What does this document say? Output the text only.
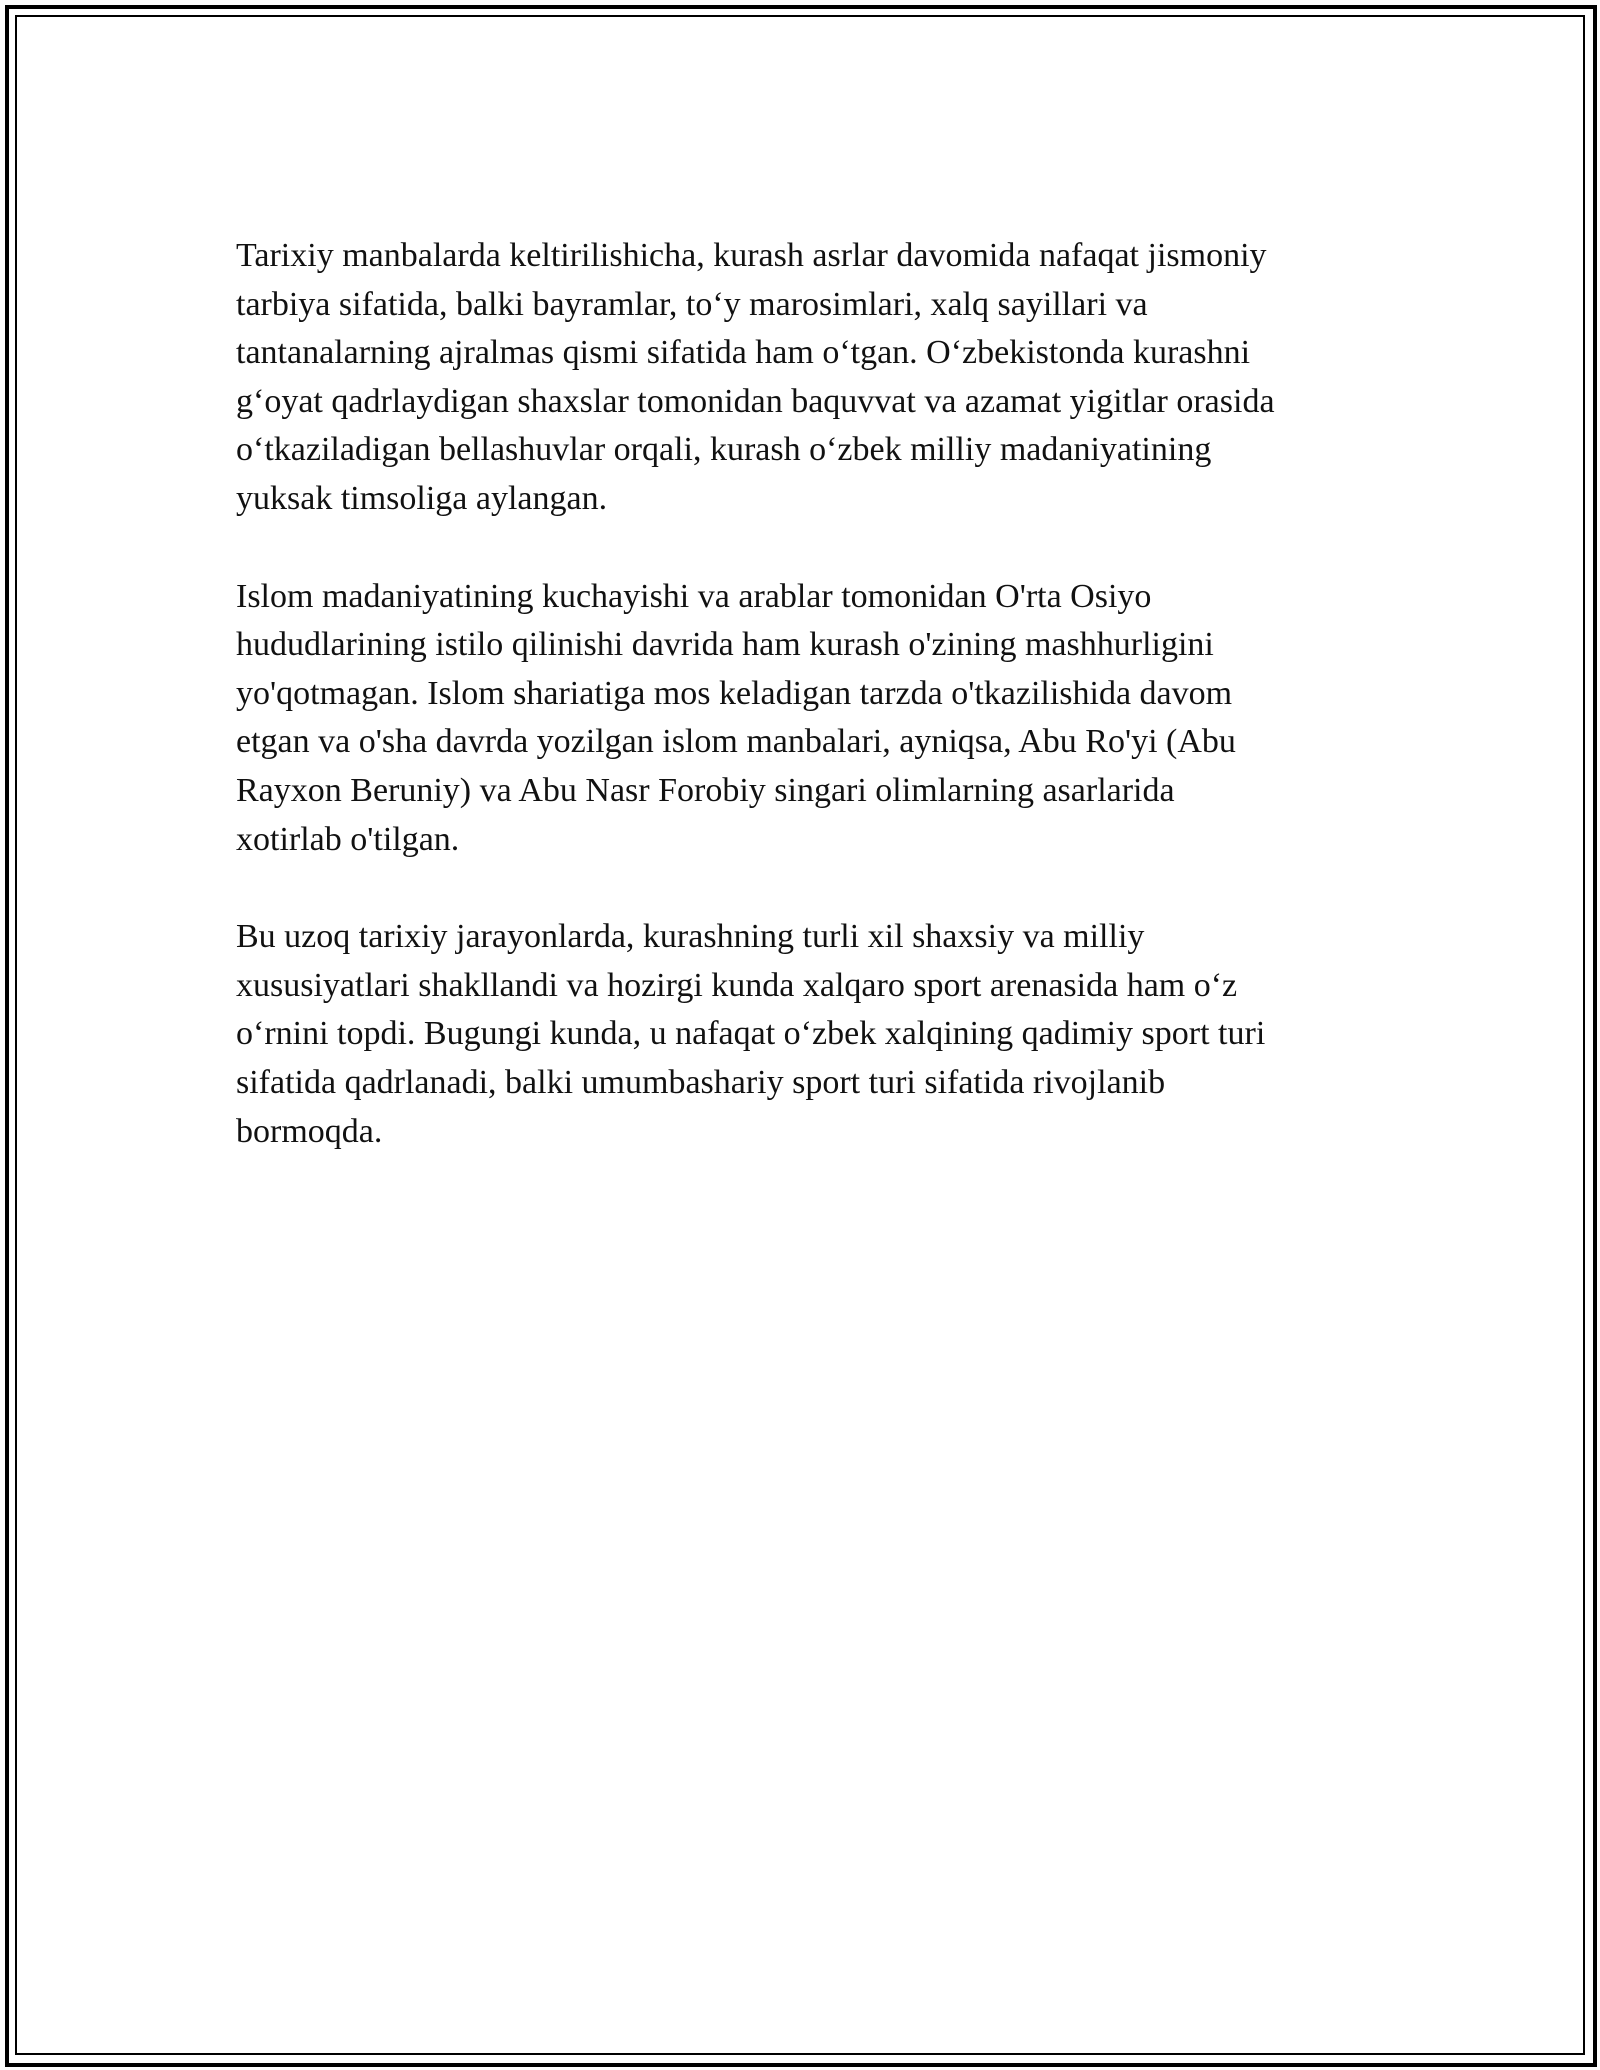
Tarixiy manbalarda keltirilishicha, kurash asrlar davomida nafaqat jismoniy
tarbiya sifatida, balki bayramlar, to‘y marosimlari, xalq sayillari va
tantanalarning ajralmas qismi sifatida ham o‘tgan. O‘zbekistonda kurashni
g‘oyat qadrlaydigan shaxslar tomonidan baquvvat va azamat yigitlar orasida
o‘tkaziladigan bellashuvlar orqali, kurash o‘zbek milliy madaniyatining
yuksak timsoliga aylangan.

Islom madaniyatining kuchayishi va arablar tomonidan O'rta Osiyo
hududlarining istilo qilinishi davrida ham kurash o'zining mashhurligini
yo'qotmagan. Islom shariatiga mos keladigan tarzda o'tkazilishida davom
etgan va o'sha davrda yozilgan islom manbalari, ayniqsa, Abu Ro'yi (Abu
Rayxon Beruniy) va Abu Nasr Forobiy singari olimlarning asarlarida
xotirlab o'tilgan.

Bu uzoq tarixiy jarayonlarda, kurashning turli xil shaxsiy va milliy
xususiyatlari shakllandi va hozirgi kunda xalqaro sport arenasida ham o‘z
o‘rnini topdi. Bugungi kunda, u nafaqat o‘zbek xalqining qadimiy sport turi
sifatida qadrlanadi, balki umumbashariy sport turi sifatida rivojlanib
bormoqda.
